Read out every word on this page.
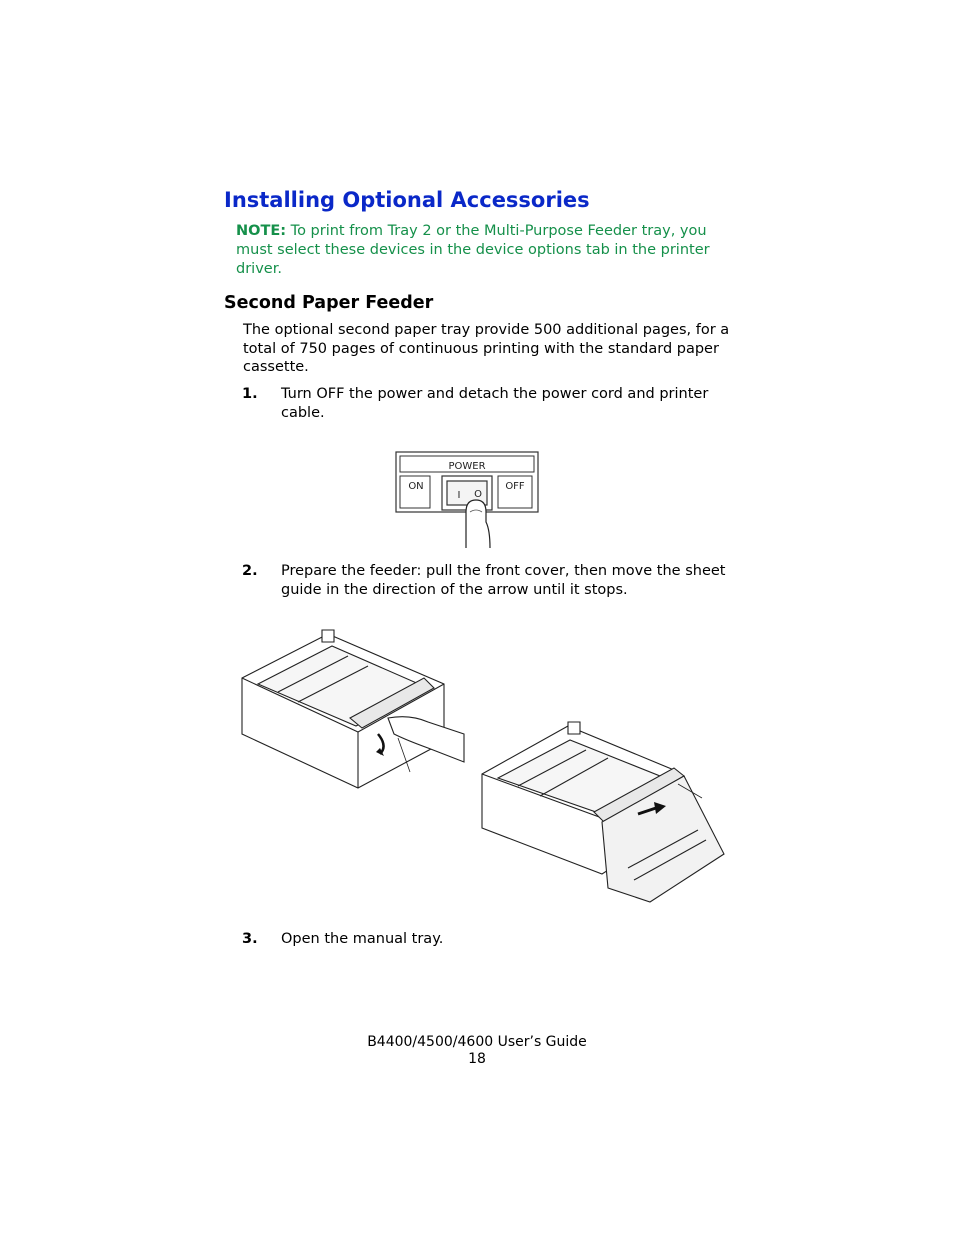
Installing Optional Accessories
NOTE: To print from Tray 2 or the Multi-Purpose Feeder tray, you must select these devices in the device options tab in the printer driver.
Second Paper Feeder
The optional second paper tray provide 500 additional pages, for a total of 750 pages of continuous printing with the standard paper cassette.
1. Turn OFF the power and detach the power cord and printer cable.
POWER
ON	OFF
I O
2. Prepare the feeder: pull the front cover, then move the sheet guide in the direction of the arrow until it stops.
3. Open the manual tray.
B4400/4500/4600 User’s Guide
18
